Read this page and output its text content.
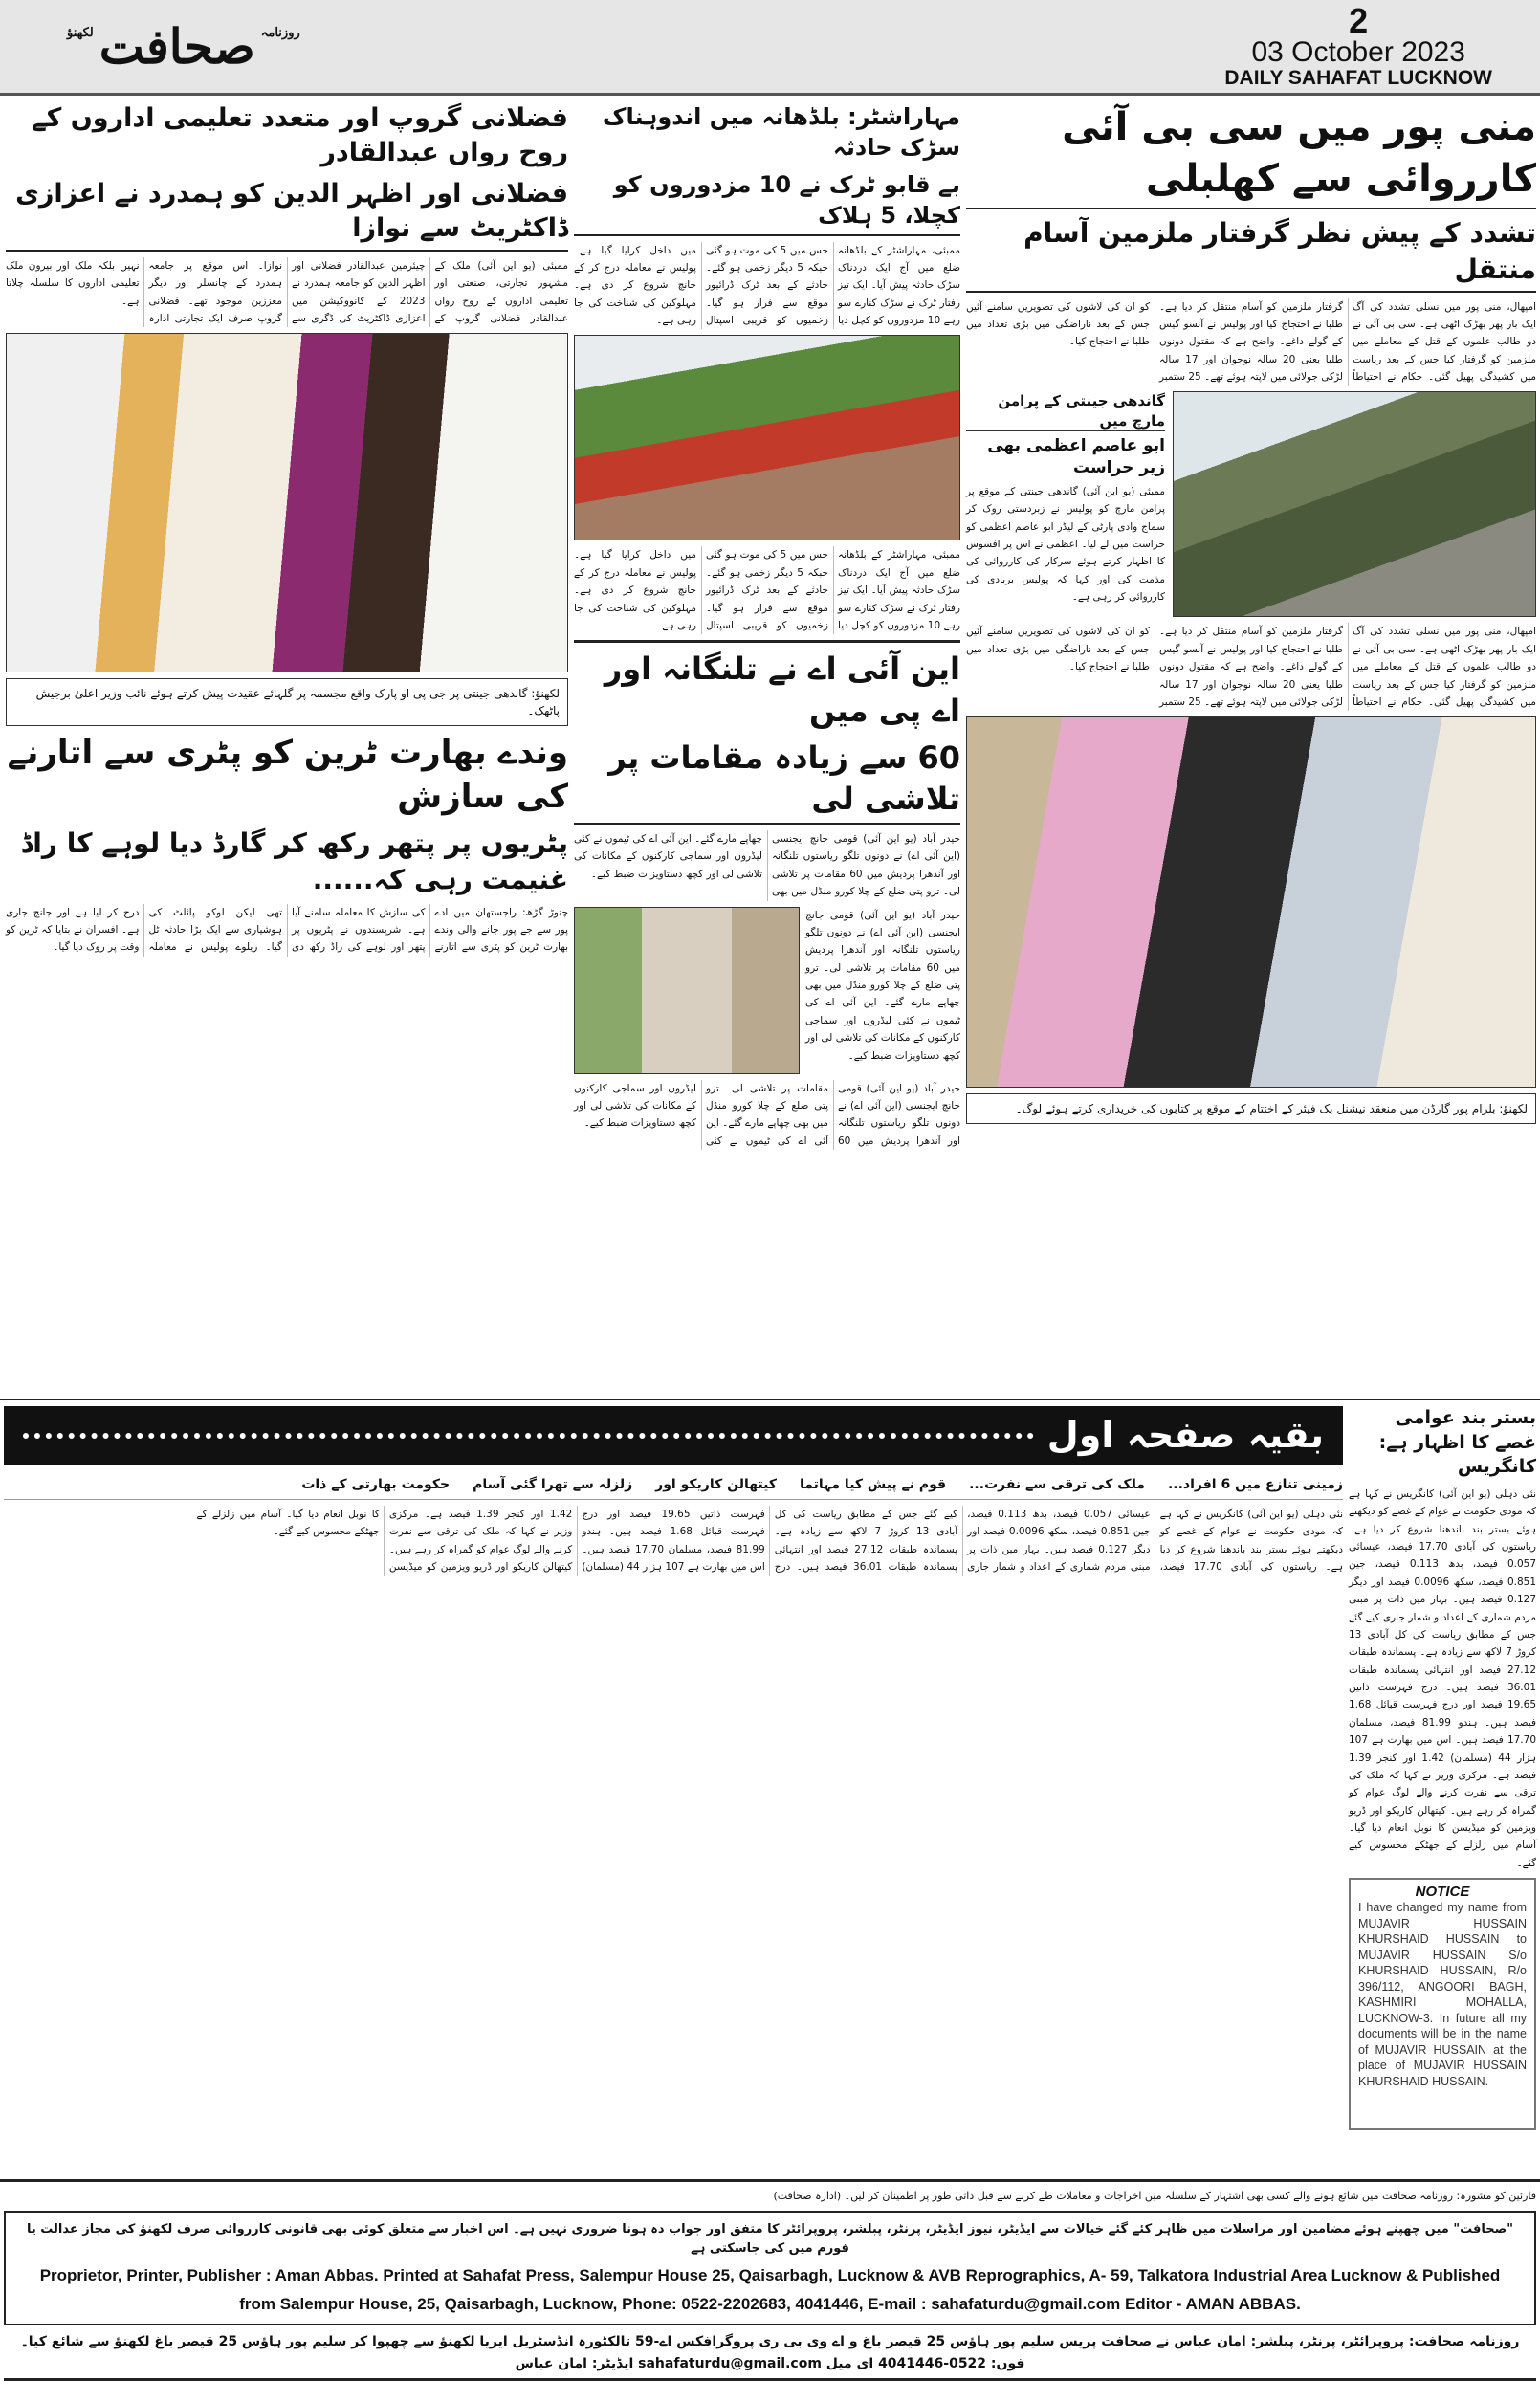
روزنامہ
صحافت
لکھنؤ	2
03 October 2023
DAILY SAHAFAT LUCKNOW
منی پور میں سی بی آئی کارروائی سے کھلبلی
تشدد کے پیش نظر گرفتار ملزمین آسام منتقل
امپھال، منی پور میں نسلی تشدد کی آگ ایک بار پھر بھڑک اٹھی ہے۔ سی بی آئی نے دو طالب علموں کے قتل کے معاملے میں ملزمین کو گرفتار کیا جس کے بعد ریاست میں کشیدگی پھیل گئی۔ حکام نے احتیاطاً گرفتار ملزمین کو آسام منتقل کر دیا ہے۔ طلبا نے احتجاج کیا اور پولیس نے آنسو گیس کے گولے داغے۔ واضح ہے کہ مقتول دونوں طلبا یعنی 20 سالہ نوجوان اور 17 سالہ لڑکی جولائی میں لاپتہ ہوئے تھے۔ 25 ستمبر کو ان کی لاشوں کی تصویریں سامنے آئیں جس کے بعد ناراضگی میں بڑی تعداد میں طلبا نے احتجاج کیا۔
گاندھی جینتی کے پرامن مارچ میں
ابو عاصم اعظمی بھی زیر حراست
ممبئی (یو این آئی) گاندھی جینتی کے موقع پر پرامن مارچ کو پولیس نے زبردستی روک کر سماج وادی پارٹی کے لیڈر ابو عاصم اعظمی کو حراست میں لے لیا۔ اعظمی نے اس پر افسوس کا اظہار کرتے ہوئے سرکار کی کارروائی کی مذمت کی اور کہا کہ پولیس بربادی کی کارروائی کر رہی ہے۔
امپھال، منی پور میں نسلی تشدد کی آگ ایک بار پھر بھڑک اٹھی ہے۔ سی بی آئی نے دو طالب علموں کے قتل کے معاملے میں ملزمین کو گرفتار کیا جس کے بعد ریاست میں کشیدگی پھیل گئی۔ حکام نے احتیاطاً گرفتار ملزمین کو آسام منتقل کر دیا ہے۔ طلبا نے احتجاج کیا اور پولیس نے آنسو گیس کے گولے داغے۔ واضح ہے کہ مقتول دونوں طلبا یعنی 20 سالہ نوجوان اور 17 سالہ لڑکی جولائی میں لاپتہ ہوئے تھے۔ 25 ستمبر کو ان کی لاشوں کی تصویریں سامنے آئیں جس کے بعد ناراضگی میں بڑی تعداد میں طلبا نے احتجاج کیا۔
لکھنؤ: بلرام پور گارڈن میں منعقد نیشنل بک فیئر کے اختتام کے موقع پر کتابوں کی خریداری کرتے ہوئے لوگ۔
مہاراشٹر: بلڈھانہ میں اندوہناک سڑک حادثہ
بے قابو ٹرک نے 10 مزدوروں کو کچلا، 5 ہلاک
ممبئی، مہاراشٹر کے بلڈھانہ ضلع میں آج ایک دردناک سڑک حادثہ پیش آیا۔ ایک تیز رفتار ٹرک نے سڑک کنارے سو رہے 10 مزدوروں کو کچل دیا جس میں 5 کی موت ہو گئی جبکہ 5 دیگر زخمی ہو گئے۔ حادثے کے بعد ٹرک ڈرائیور موقع سے فرار ہو گیا۔ زخمیوں کو قریبی اسپتال میں داخل کرایا گیا ہے۔ پولیس نے معاملہ درج کر کے جانچ شروع کر دی ہے۔ مہلوکین کی شناخت کی جا رہی ہے۔
ممبئی، مہاراشٹر کے بلڈھانہ ضلع میں آج ایک دردناک سڑک حادثہ پیش آیا۔ ایک تیز رفتار ٹرک نے سڑک کنارے سو رہے 10 مزدوروں کو کچل دیا جس میں 5 کی موت ہو گئی جبکہ 5 دیگر زخمی ہو گئے۔ حادثے کے بعد ٹرک ڈرائیور موقع سے فرار ہو گیا۔ زخمیوں کو قریبی اسپتال میں داخل کرایا گیا ہے۔ پولیس نے معاملہ درج کر کے جانچ شروع کر دی ہے۔ مہلوکین کی شناخت کی جا رہی ہے۔
این آئی اے نے تلنگانہ اور اے پی میں
60 سے زیادہ مقامات پر تلاشی لی
حیدر آباد (یو این آئی) قومی جانچ ایجنسی (این آئی اے) نے دونوں تلگو ریاستوں تلنگانہ اور آندھرا پردیش میں 60 مقامات پر تلاشی لی۔ ترو پتی ضلع کے چلا کورو منڈل میں بھی چھاپے مارے گئے۔ این آئی اے کی ٹیموں نے کئی لیڈروں اور سماجی کارکنوں کے مکانات کی تلاشی لی اور کچھ دستاویزات ضبط کیے۔
حیدر آباد (یو این آئی) قومی جانچ ایجنسی (این آئی اے) نے دونوں تلگو ریاستوں تلنگانہ اور آندھرا پردیش میں 60 مقامات پر تلاشی لی۔ ترو پتی ضلع کے چلا کورو منڈل میں بھی چھاپے مارے گئے۔ این آئی اے کی ٹیموں نے کئی لیڈروں اور سماجی کارکنوں کے مکانات کی تلاشی لی اور کچھ دستاویزات ضبط کیے۔
حیدر آباد (یو این آئی) قومی جانچ ایجنسی (این آئی اے) نے دونوں تلگو ریاستوں تلنگانہ اور آندھرا پردیش میں 60 مقامات پر تلاشی لی۔ ترو پتی ضلع کے چلا کورو منڈل میں بھی چھاپے مارے گئے۔ این آئی اے کی ٹیموں نے کئی لیڈروں اور سماجی کارکنوں کے مکانات کی تلاشی لی اور کچھ دستاویزات ضبط کیے۔
فضلانی گروپ اور متعدد تعلیمی اداروں کے روح رواں عبدالقادر
فضلانی اور اظہر الدین کو ہمدرد نے اعزازی ڈاکٹریٹ سے نوازا
ممبئی (یو این آئی) ملک کے مشہور تجارتی، صنعتی اور تعلیمی اداروں کے روح رواں عبدالقادر فضلانی گروپ کے چیئرمین عبدالقادر فضلانی اور اظہر الدین کو جامعہ ہمدرد نے 2023 کے کانووکیشن میں اعزازی ڈاکٹریٹ کی ڈگری سے نوازا۔ اس موقع پر جامعہ ہمدرد کے چانسلر اور دیگر معززین موجود تھے۔ فضلانی گروپ صرف ایک تجارتی ادارہ نہیں بلکہ ملک اور بیرون ملک تعلیمی اداروں کا سلسلہ چلاتا ہے۔
لکھنؤ: گاندھی جینتی پر جی پی او پارک واقع مجسمہ پر گلہائے عقیدت پیش کرتے ہوئے نائب وزیر اعلیٰ برجیش پاٹھک۔
وندے بھارت ٹرین کو پٹری سے اتارنے کی سازش
پٹریوں پر پتھر رکھ کر گارڈ دیا لوہے کا راڈ غنیمت رہی کہ......
چتوڑ گڑھ: راجستھان میں ادے پور سے جے پور جانے والی وندے بھارت ٹرین کو پٹری سے اتارنے کی سازش کا معاملہ سامنے آیا ہے۔ شرپسندوں نے پٹریوں پر پتھر اور لوہے کی راڈ رکھ دی تھی لیکن لوکو پائلٹ کی ہوشیاری سے ایک بڑا حادثہ ٹل گیا۔ ریلوے پولیس نے معاملہ درج کر لیا ہے اور جانچ جاری ہے۔ افسران نے بتایا کہ ٹرین کو وقت پر روک دیا گیا۔
بستر بند عوامی غصے کا اظہار ہے: کانگریس
نئی دہلی (یو این آئی) کانگریس نے کہا ہے کہ مودی حکومت نے عوام کے غصے کو دیکھتے ہوئے بستر بند باندھنا شروع کر دیا ہے۔ ریاستوں کی آبادی 17.70 فیصد، عیسائی 0.057 فیصد، بدھ 0.113 فیصد، جین 0.851 فیصد، سکھ 0.0096 فیصد اور دیگر 0.127 فیصد ہیں۔ بہار میں ذات پر مبنی مردم شماری کے اعداد و شمار جاری کیے گئے جس کے مطابق ریاست کی کل آبادی 13 کروڑ 7 لاکھ سے زیادہ ہے۔ پسماندہ طبقات 27.12 فیصد اور انتہائی پسماندہ طبقات 36.01 فیصد ہیں۔ درج فہرست ذاتیں 19.65 فیصد اور درج فہرست قبائل 1.68 فیصد ہیں۔ ہندو 81.99 فیصد، مسلمان 17.70 فیصد ہیں۔ اس میں بھارت ہے 107 ہزار 44 (مسلمان) 1.42 اور کنجر 1.39 فیصد ہے۔ مرکزی وزیر نے کہا کہ ملک کی ترقی سے نفرت کرنے والے لوگ عوام کو گمراہ کر رہے ہیں۔ کیتھالن کاریکو اور ڈریو ویزمین کو میڈیسن کا نوبل انعام دیا گیا۔ آسام میں زلزلے کے جھٹکے محسوس کیے گئے۔
NOTICE
I have changed my name from MUJAVIR HUSSAIN KHURSHAID HUSSAIN to MUJAVIR HUSSAIN S/o KHURSHAID HUSSAIN, R/o 396/112, ANGOORI BAGH, KASHMIRI MOHALLA, LUCKNOW-3. In future all my documents will be in the name of MUJAVIR HUSSAIN at the place of MUJAVIR HUSSAIN KHURSHAID HUSSAIN.
بقیہ صفحہ اول
زمینی تنازع میں 6 افراد...
ملک کی ترقی سے نفرت...
قوم نے پیش کیا مہاتما
کیتھالن کاریکو اور
زلزلہ سے تھرا گئی آسام
حکومت بھارتی کے ذات
نئی دہلی (یو این آئی) کانگریس نے کہا ہے کہ مودی حکومت نے عوام کے غصے کو دیکھتے ہوئے بستر بند باندھنا شروع کر دیا ہے۔ ریاستوں کی آبادی 17.70 فیصد، عیسائی 0.057 فیصد، بدھ 0.113 فیصد، جین 0.851 فیصد، سکھ 0.0096 فیصد اور دیگر 0.127 فیصد ہیں۔ بہار میں ذات پر مبنی مردم شماری کے اعداد و شمار جاری کیے گئے جس کے مطابق ریاست کی کل آبادی 13 کروڑ 7 لاکھ سے زیادہ ہے۔ پسماندہ طبقات 27.12 فیصد اور انتہائی پسماندہ طبقات 36.01 فیصد ہیں۔ درج فہرست ذاتیں 19.65 فیصد اور درج فہرست قبائل 1.68 فیصد ہیں۔ ہندو 81.99 فیصد، مسلمان 17.70 فیصد ہیں۔ اس میں بھارت ہے 107 ہزار 44 (مسلمان) 1.42 اور کنجر 1.39 فیصد ہے۔ مرکزی وزیر نے کہا کہ ملک کی ترقی سے نفرت کرنے والے لوگ عوام کو گمراہ کر رہے ہیں۔ کیتھالن کاریکو اور ڈریو ویزمین کو میڈیسن کا نوبل انعام دیا گیا۔ آسام میں زلزلے کے جھٹکے محسوس کیے گئے۔
قارئین کو مشورہ: روزنامہ صحافت میں شائع ہونے والے کسی بھی اشتہار کے سلسلہ میں اخراجات و معاملات طے کرنے سے قبل ذاتی طور پر اطمینان کر لیں۔ (ادارہ صحافت)
"صحافت" میں چھپنے ہوئے مضامین اور مراسلات میں ظاہر کئے گئے خیالات سے ایڈیٹر، نیوز ایڈیٹر، پرنٹر، پبلشر، پروپرائٹر کا متفق اور جواب دہ ہونا ضروری نہیں ہے۔ اس اخبار سے متعلق کوئی بھی قانونی کارروائی صرف لکھنؤ کی مجاز عدالت یا فورم میں کی جاسکتی ہے
Proprietor, Printer, Publisher : Aman Abbas. Printed at Sahafat Press, Salempur House 25, Qaisarbagh, Lucknow & AVB Reprographics, A- 59, Talkatora Industrial Area Lucknow & Published
from Salempur House, 25, Qaisarbagh, Lucknow, Phone: 0522-2202683, 4041446, E-mail : sahafaturdu@gmail.com Editor - AMAN ABBAS.
روزنامہ صحافت: پروپرائٹر، پرنٹر، پبلشر: امان عباس نے صحافت پریس سلیم پور ہاؤس 25 قیصر باغ و اے وی بی ری پروگرافکس اے-59 تالکٹورہ انڈسٹریل ایریا لکھنؤ سے چھپوا کر سلیم پور ہاؤس 25 قیصر باغ لکھنؤ سے شائع کیا۔ فون: 0522-4041446 ای میل sahafaturdu@gmail.com ایڈیٹر: امان عباس
